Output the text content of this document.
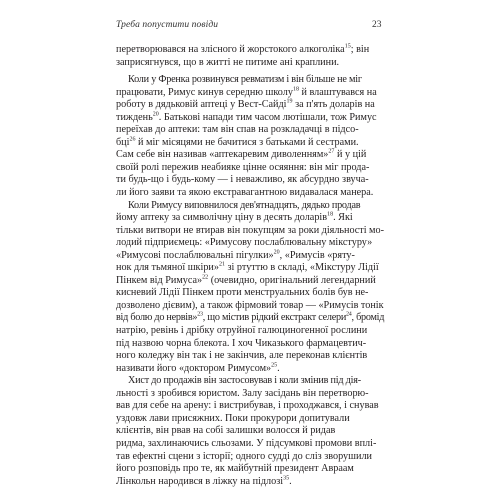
Треба попустити повіди	23
перетворювався на злісного й жорстокого алкоголіка$^{15}$; він
заприсягнувся, що в житті не питиме ані краплини.
Коли у Френка розвинувся ревматизм і він більше не міг
працювати, Римус кинув середню школу$^{18}$ й влаштувався на
роботу в дядьковій аптеці у Вест-Сайді$^{19}$ за п'ять доларів на
тиждень$^{20}$. Батькові напади тим часом лютішали, тож Римус
переїхав до аптеки: там він спав на розкладачці в підсо-
бці$^{26}$ й міг місяцями не бачитися з батьками й сестрами.
Сам себе він називав «аптекаревим диволенням»$^{27}$ й у цій
своїй ролі пережив неабияке цінне осяяння: він міг прода-
ти будь-що і будь-кому — і неважливо, як абсурдно звуча-
ли його заяви та якою екстравагантною видавалася манера.
Коли Римусу виповнилося дев'ятнадцять, дядько продав
йому аптеку за символічну ціну в десять доларів$^{18}$. Які
тільки витвори не втирав він покупцям за роки діяльності мо-
лодий підприємець: «Римусову послаблювальну мікстуру»
«Римусові послаблювальні пігулки»$^{20}$, «Римусів «ряту-
нок для тьмяної шкіри»$^{21}$ зі ртуттю в складі, «Мікстуру Лідії
Пінкем від Римуса»$^{22}$ (очевидно, оригінальний легендарний
кисневий Лідії Пінкем проти менструальних болів був не-
дозволено дієвим), а також фірмовий товар — «Римусів тонік
від болю до нервів»$^{23}$, що містив рідкий екстракт селери$^{24}$, бромід
натрію, ревінь і дрібку отруйної галюциногенної рослини
під назвою чорна блекота. І хоч Чиказького фармацевтич-
ного коледжу він так і не закінчив, але переконав клієнтів
називати його «доктором Римусом»$^{25}$.
Хист до продажів він застосовував і коли змінив під дія-
льності з зробився юристом. Залу засідань він перетворю-
вав для себе на арену: і вистрибував, і проходжався, і снував
уздовж лави присяжних. Поки прокурори допитували
клієнтів, він рвав на собі залишки волосся й ридав
ридма, захлинаючись сльозами. У підсумкові промови вплі-
тав ефектні сцени з історії; одного судді до сліз зворушили
його розповідь про те, як майбутній президент Авраам
Лінкольн народився в ліжку на підлозі$^{35}$.
